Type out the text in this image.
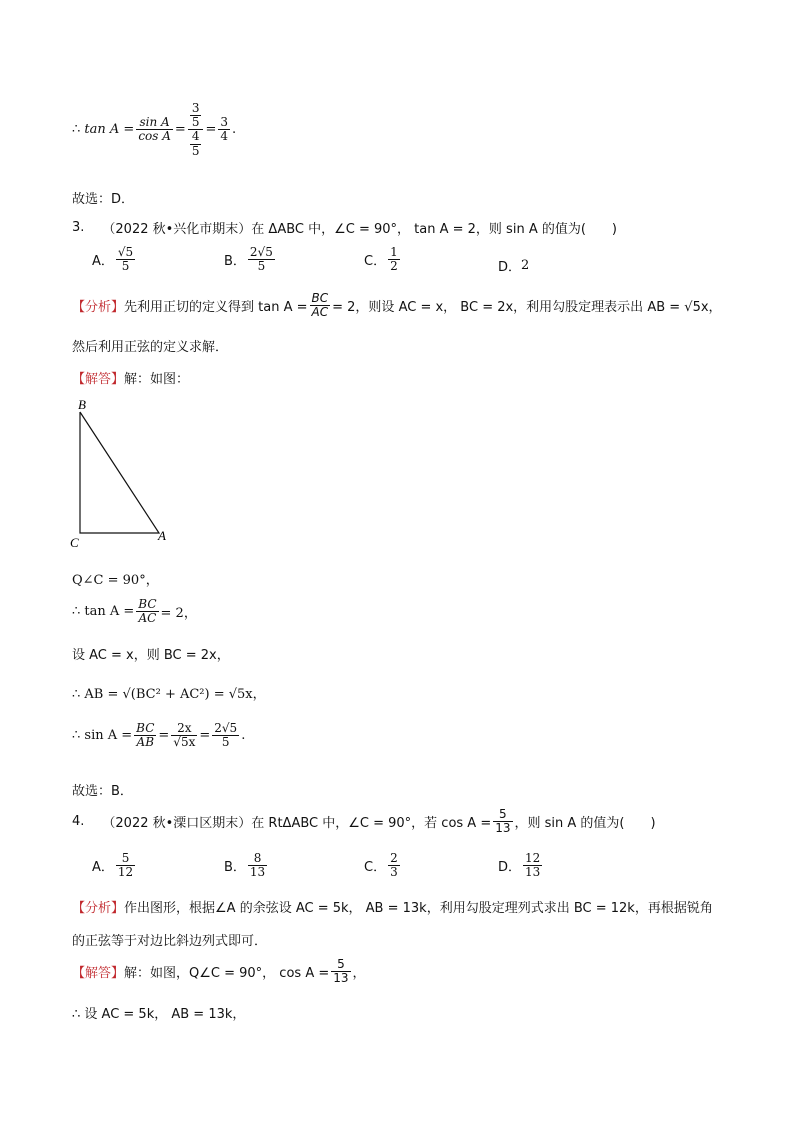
∴
$\tan A = \frac{\text{sin A}}{\text{cos A}} = \frac{\frac{3}{5}}{\frac{4}{5}} = \frac{3}{4}$ .
故选：D．
3. （2022 秋•兴化市期末）在 ΔABC 中，∠C = 90°， tan A = 2，则 sin A 的值为(　　)
A． $\frac{√5}{5}$	B． $\frac{2√5}{5}$	C． $\frac{1}{2}$	D． 2
【分析】 先利用正切的定义得到 $\tan A = \frac{BC}{AC} = 2$，则设 AC = x， BC = 2x，利用勾股定理表示出 AB = √5x，
然后利用正弦的定义求解．
【解答】解：如图：
B
C	A
Q∠C = 90°，
∴ $\tan A = \frac{BC}{AC} = 2$，
设 AC = x，则 BC = 2x，
∴ AB = √(BC² + AC²) = √5x，
∴ $\sin A = \frac{BC}{AB} = \frac{2x}{√5x} = \frac{2√5}{5}$ .
故选：B．
4. （2022 秋•溧口区期末）在 RtΔABC 中，∠C = 90°，若 $\cos A = \frac{5}{13}$ ，则 sin A 的值为(　　)
A． $\frac{5}{12}$	B． $\frac{8}{13}$	C． $\frac{2}{3}$	D． $\frac{12}{13}$
【分析】 作出图形，根据∠A 的余弦设 AC = 5k， AB = 13k，利用勾股定理列式求出 BC = 12k，再根据锐角
的正弦等于对边比斜边列式即可．
【解答】 解：如图，Q∠C = 90°， $\cos A = \frac{5}{13}$ ，
∴ 设 AC = 5k， AB = 13k，
